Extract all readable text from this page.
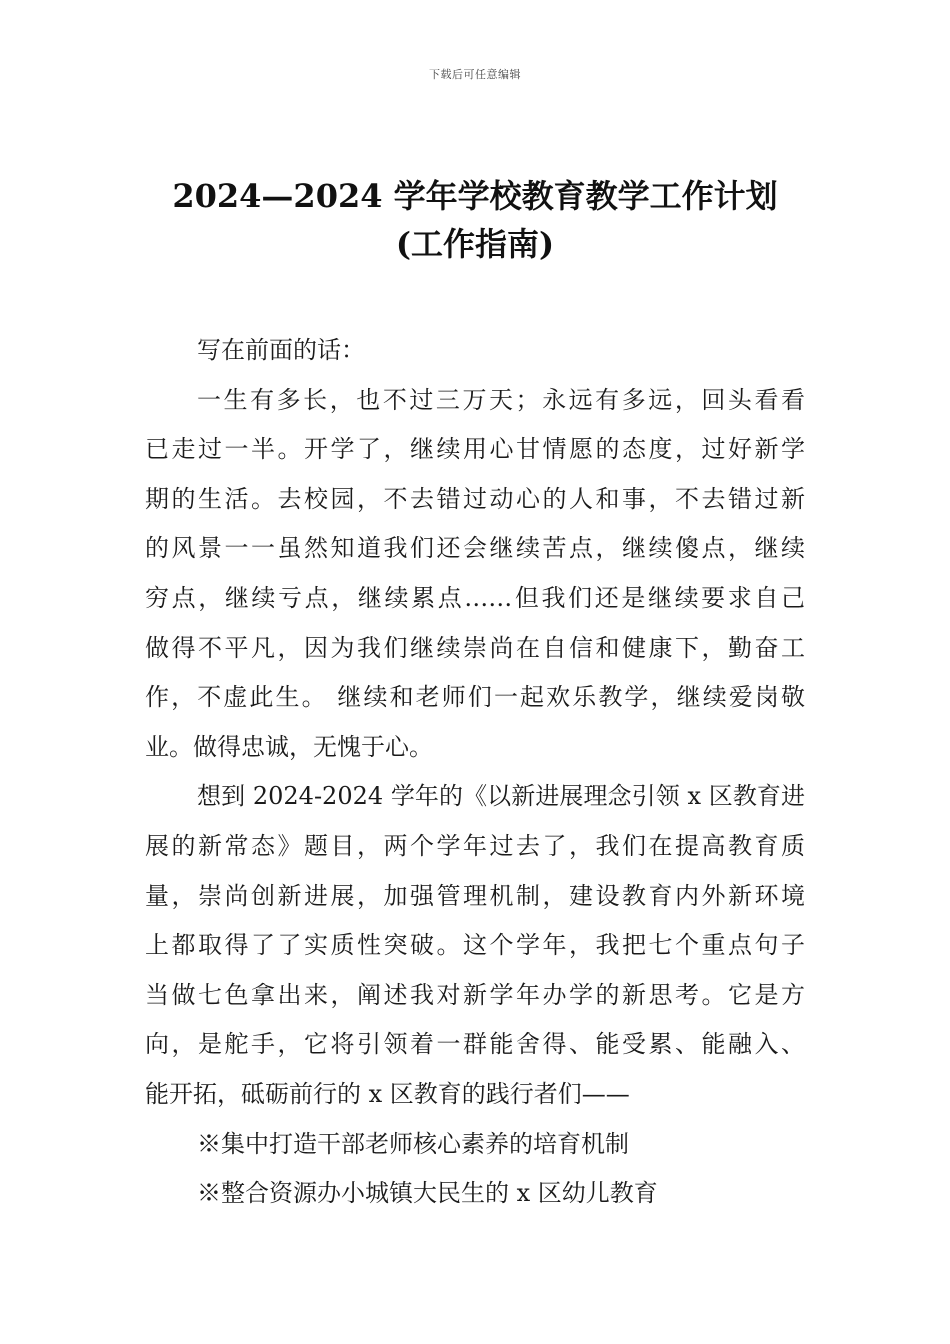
下载后可任意编辑
2024—2024 学年学校教育教学工作计划
(工作指南)
写在前面的话：
一生有多长，也不过三万天；永远有多远，回头看看
已走过一半。开学了，继续用心甘情愿的态度，过好新学
期的生活。去校园，不去错过动心的人和事，不去错过新
的风景一一虽然知道我们还会继续苦点，继续傻点，继续
穷点，继续亏点，继续累点……但我们还是继续要求自己
做得不平凡，因为我们继续崇尚在自信和健康下，勤奋工
作，不虚此生。 继续和老师们一起欢乐教学，继续爱岗敬
业。做得忠诚，无愧于心。
想到 2024-2024 学年的《以新进展理念引领 x 区教育进
展的新常态》题目，两个学年过去了，我们在提高教育质
量，崇尚创新进展，加强管理机制，建设教育内外新环境
上都取得了了实质性突破。这个学年，我把七个重点句子
当做七色拿出来，阐述我对新学年办学的新思考。它是方
向，是舵手，它将引领着一群能舍得、能受累、能融入、
能开拓，砥砺前行的 x 区教育的践行者们——
※集中打造干部老师核心素养的培育机制
※整合资源办小城镇大民生的 x 区幼儿教育
